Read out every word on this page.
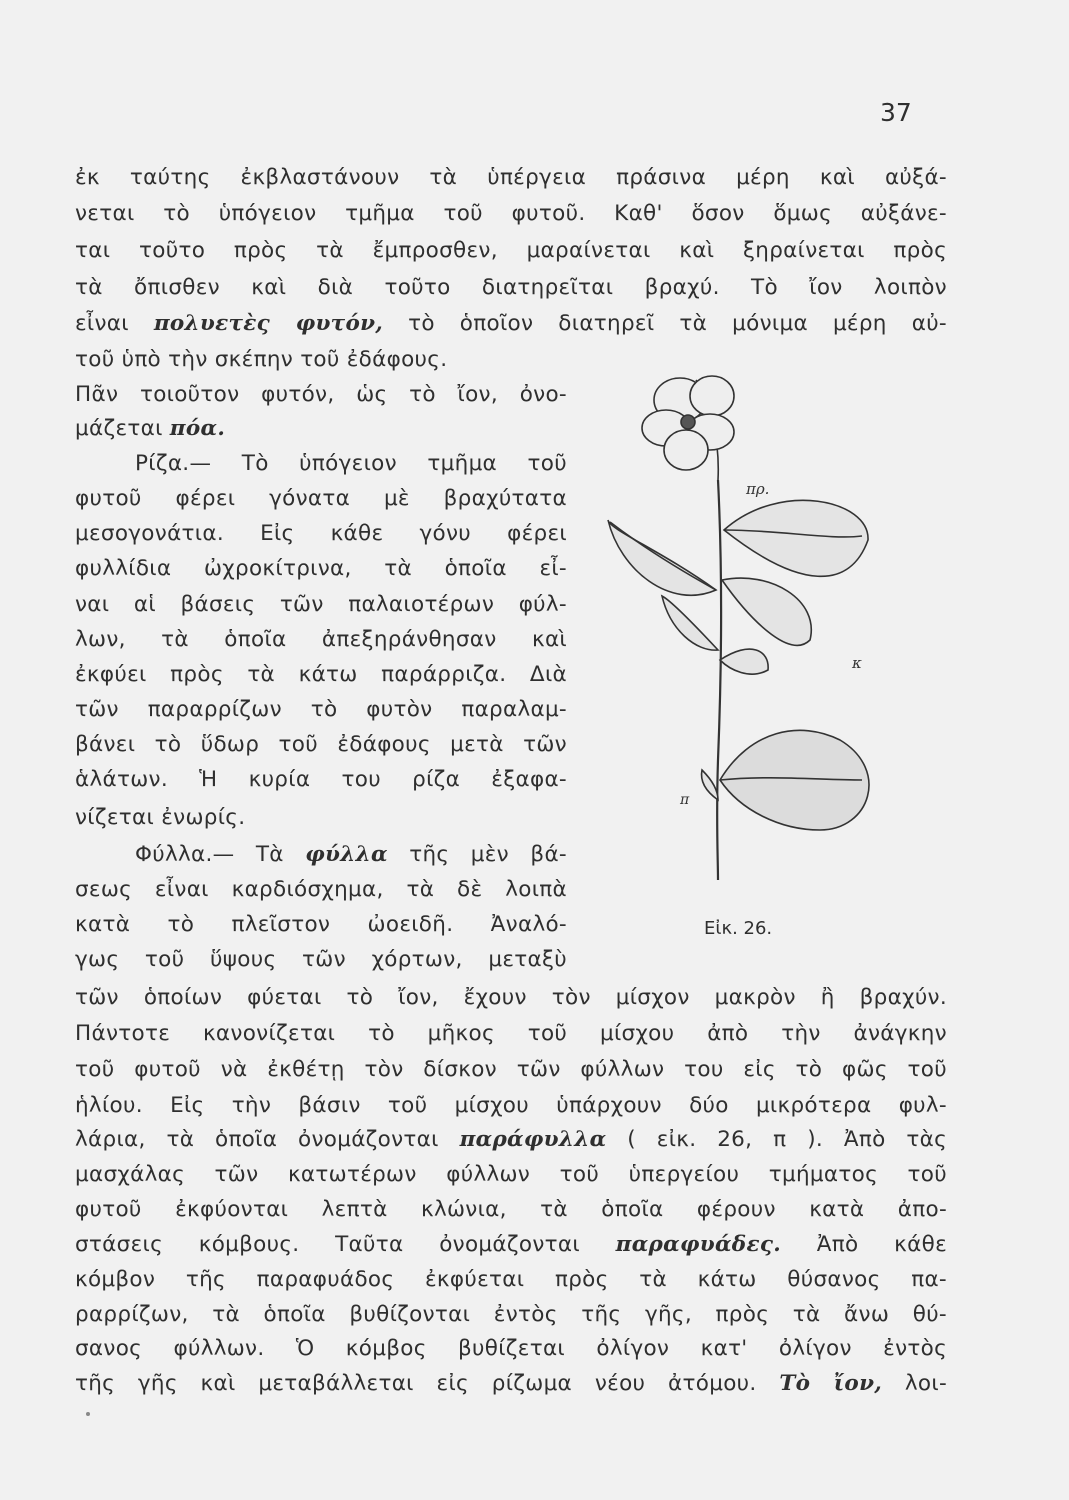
37
ἐκ ταύτης ἐκβλαστάνουν τὰ ὑπέργεια πράσινα μέρη καὶ αὐξά-
νεται τὸ ὑπόγειον τμῆμα τοῦ φυτοῦ. Καθ' ὅσον ὅμως αὐξάνε-
ται τοῦτο πρὸς τὰ ἔμπροσθεν, μαραίνεται καὶ ξηραίνεται πρὸς
τὰ ὄπισθεν καὶ διὰ τοῦτο διατηρεῖται βραχύ. Τὸ ἴον λοιπὸν
εἶναι πολυετὲς φυτόν, τὸ ὁποῖον διατηρεῖ τὰ μόνιμα μέρη αὐ-
τοῦ ὑπὸ τὴν σκέπην τοῦ ἐδάφους.
Πᾶν τοιοῦτον φυτόν, ὡς τὸ ἴον, ὀνο-
μάζεται πόα.
Ρίζα.— Τὸ ὑπόγειον τμῆμα τοῦ
φυτοῦ φέρει γόνατα μὲ βραχύτατα
μεσογονάτια. Εἰς κάθε γόνυ φέρει
φυλλίδια ὠχροκίτρινα, τὰ ὁποῖα εἶ-
ναι αἱ βάσεις τῶν παλαιοτέρων φύλ-
λων, τὰ ὁποῖα ἀπεξηράνθησαν καὶ
ἐκφύει πρὸς τὰ κάτω παράρριζα. Διὰ
τῶν παραρρίζων τὸ φυτὸν παραλαμ-
βάνει τὸ ὕδωρ τοῦ ἐδάφους μετὰ τῶν
ἁλάτων. Ἡ κυρία του ρίζα ἐξαφα-
νίζεται ἐνωρίς.
Φύλλα.— Τὰ φύλλα τῆς μὲν βά-
σεως εἶναι καρδιόσχημα, τὰ δὲ λοιπὰ
κατὰ τὸ πλεῖστον ὠοειδῆ. Ἀναλό-
γως τοῦ ὕψους τῶν χόρτων, μεταξὺ
τῶν ὁποίων φύεται τὸ ἴον, ἔχουν τὸν μίσχον μακρὸν ἢ βραχύν.
Πάντοτε κανονίζεται τὸ μῆκος τοῦ μίσχου ἀπὸ τὴν ἀνάγκην
τοῦ φυτοῦ νὰ ἐκθέτῃ τὸν δίσκον τῶν φύλλων του εἰς τὸ φῶς τοῦ
ἡλίου. Εἰς τὴν βάσιν τοῦ μίσχου ὑπάρχουν δύο μικρότερα φυλ-
λάρια, τὰ ὁποῖα ὀνομάζονται παράφυλλα ( εἰκ. 26, π ). Ἀπὸ τὰς
μασχάλας τῶν κατωτέρων φύλλων τοῦ ὑπεργείου τμήματος τοῦ
φυτοῦ ἐκφύονται λεπτὰ κλώνια, τὰ ὁποῖα φέρουν κατὰ ἀπο-
στάσεις κόμβους. Ταῦτα ὀνομάζονται παραφυάδες. Ἀπὸ κάθε
κόμβον τῆς παραφυάδος ἐκφύεται πρὸς τὰ κάτω θύσανος πα-
ραρρίζων, τὰ ὁποῖα βυθίζονται ἐντὸς τῆς γῆς, πρὸς τὰ ἄνω θύ-
σανος φύλλων. Ὁ κόμβος βυθίζεται ὀλίγον κατ' ὀλίγον ἐντὸς
τῆς γῆς καὶ μεταβάλλεται εἰς ρίζωμα νέου ἀτόμου. Τὸ ἴον, λοι-
πρ.
κ
π
Εἰκ. 26.
